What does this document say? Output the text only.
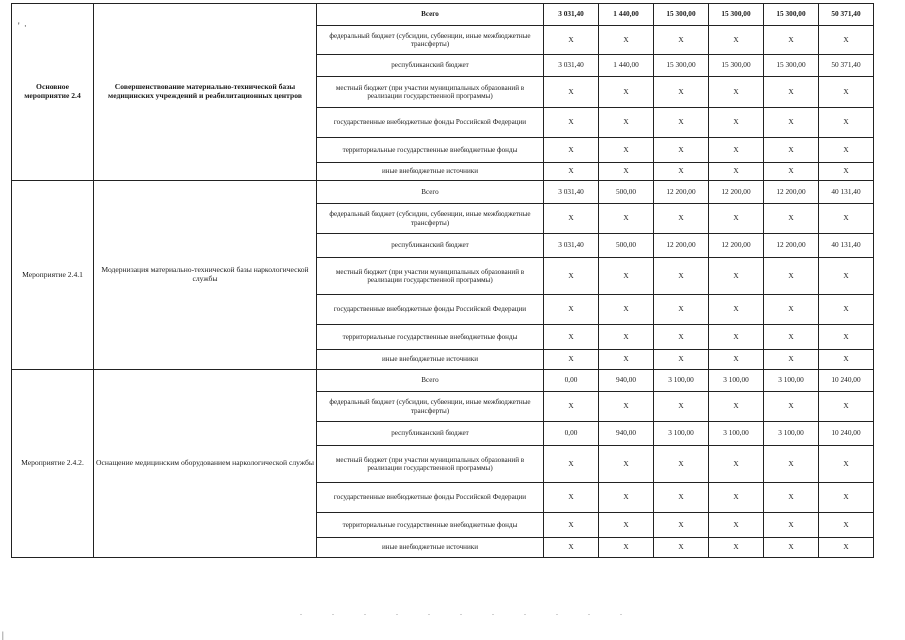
' ·
Основное мероприятие 2.4	Совершенствование материально-технической базы медицинских учреждений и реабилитационных центров	Всего	3 031,40	1 440,00	15 300,00	15 300,00	15 300,00	50 371,40
		федеральный бюджет (субсидии, субвенции, иные межбюджетные трансферты)	X	X	X	X	X	X
		республиканский бюджет	3 031,40	1 440,00	15 300,00	15 300,00	15 300,00	50 371,40
		местный бюджет (при участии муниципальных образований в реализации государственной программы)	X	X	X	X	X	X
		государственные внебюджетные фонды Российской Федерации	X	X	X	X	X	X
		территориальные государственные внебюджетные фонды	X	X	X	X	X	X
		иные внебюджетные источники	X	X	X	X	X	X
Мероприятие 2.4.1	Модернизация материально-технической базы наркологической службы	Всего	3 031,40	500,00	12 200,00	12 200,00	12 200,00	40 131,40
		федеральный бюджет (субсидии, субвенции, иные межбюджетные трансферты)	X	X	X	X	X	X
		республиканский бюджет	3 031,40	500,00	12 200,00	12 200,00	12 200,00	40 131,40
		местный бюджет (при участии муниципальных образований в реализации государственной программы)	X	X	X	X	X	X
		государственные внебюджетные фонды Российской Федерации	X	X	X	X	X	X
		территориальные государственные внебюджетные фонды	X	X	X	X	X	X
		иные внебюджетные источники	X	X	X	X	X	X
Мероприятие 2.4.2.	Оснащение медицинским оборудованием наркологической службы	Всего	0,00	940,00	3 100,00	3 100,00	3 100,00	10 240,00
		федеральный бюджет (субсидии, субвенции, иные межбюджетные трансферты)	X	X	X	X	X	X
		республиканский бюджет	0,00	940,00	3 100,00	3 100,00	3 100,00	10 240,00
		местный бюджет (при участии муниципальных образований в реализации государственной программы)	X	X	X	X	X	X
		государственные внебюджетные фонды Российской Федерации	X	X	X	X	X	X
		территориальные государственные внебюджетные фонды	X	X	X	X	X	X
		иные внебюджетные источники	X	X	X	X	X	X
. . . . . . . . . . .
|
